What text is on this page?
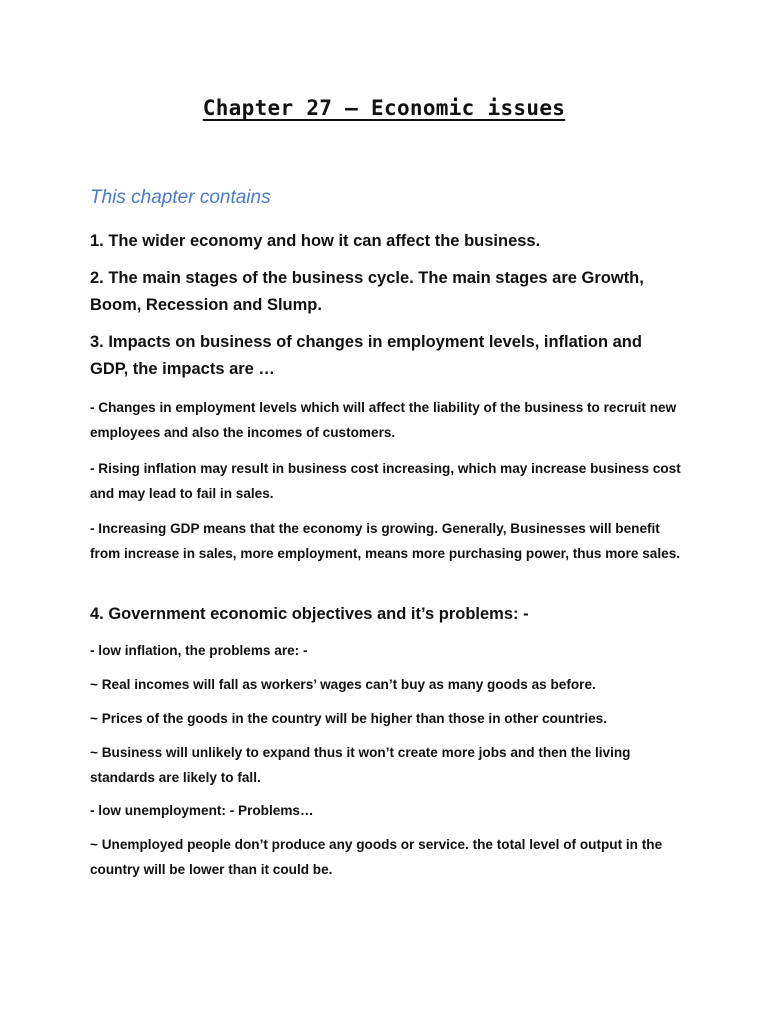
Chapter 27 – Economic issues
This chapter contains

1. The wider economy and how it can affect the business.

2. The main stages of the business cycle. The main stages are Growth, Boom, Recession and Slump.

3. Impacts on business of changes in employment levels, inflation and GDP, the impacts are …

- Changes in employment levels which will affect the liability of the business to recruit new employees and also the incomes of customers.

- Rising inflation may result in business cost increasing, which may increase business cost and may lead to fail in sales.

- Increasing GDP means that the economy is growing. Generally, Businesses will benefit from increase in sales, more employment, means more purchasing power, thus more sales.

4. Government economic objectives and it’s problems: -

- low inflation, the problems are: -

~ Real incomes will fall as workers’ wages can’t buy as many goods as before.

~ Prices of the goods in the country will be higher than those in other countries.

~ Business will unlikely to expand thus it won’t create more jobs and then the living standards are likely to fall.

- low unemployment: - Problems…

~ Unemployed people don’t produce any goods or service. the total level of output in the country will be lower than it could be.
